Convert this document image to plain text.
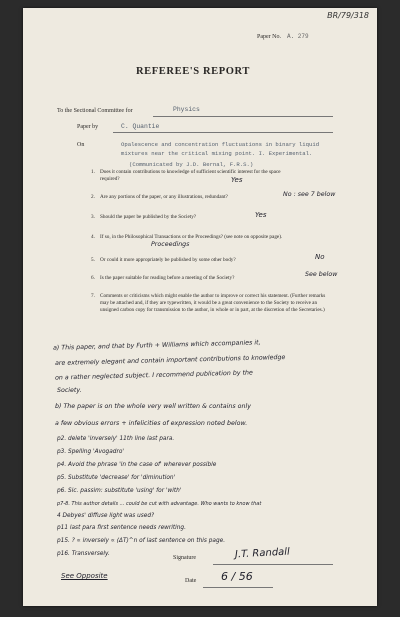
BR/79/318
Paper No. A. 279
REFEREE'S REPORT
To the Sectional Committee for	Physics
Paper by	C. Quantie
On	Opalescence and concentration fluctuations in binary liquid
mixtures near the critical mixing point. I. Experimental.
(Communicated by J.D. Bernal, F.R.S.)
1. Does it contain contributions to knowledge of sufficient scientific interest for the space required?	Yes
2. Are any portions of the paper, or any illustrations, redundant?	No : see 7 below
3. Should the paper be published by the Society?	Yes
4. If so, in the Philosophical Transactions or the Proceedings? (see note on opposite page).
Proceedings
5. Or could it more appropriately be published by some other body?	No
6. Is the paper suitable for reading before a meeting of the Society?	See below
7. Comments or criticisms which might enable the author to improve or correct his statement. (Further remarks may be attached and, if they are typewritten, it would be a great convenience to the Society to receive an unsigned carbon copy for transmission to the author, in whole or in part, at the discretion of the Secretaries.)
a) This paper, and that by Furth + Williams which accompanies it,
are extremely elegant and contain important contributions to knowledge
on a rather neglected subject. I recommend publication by the
Society.
b) The paper is on the whole very well written & contains only
a few obvious errors + infelicities of expression noted below.
p2. delete 'inversely' 11th line last para.
p3. Spelling 'Avogadro'
p4. Avoid the phrase 'in the case of' wherever possible
p5. Substitute 'decrease' for 'diminution'
p6. Sic. passim: substitute 'using' for 'with'
p7-8. This author details ... could be cut with advantage. Who wants to know that
4 Debyes' diffuse light was used?
p11 last para first sentence needs rewriting.
p15. ? ∝ inversely ∝ (ΔT)^n of last sentence on this page.
p16. Transversely.
Signature	J.T. Randall
See Opposite
Date 6 / 56
